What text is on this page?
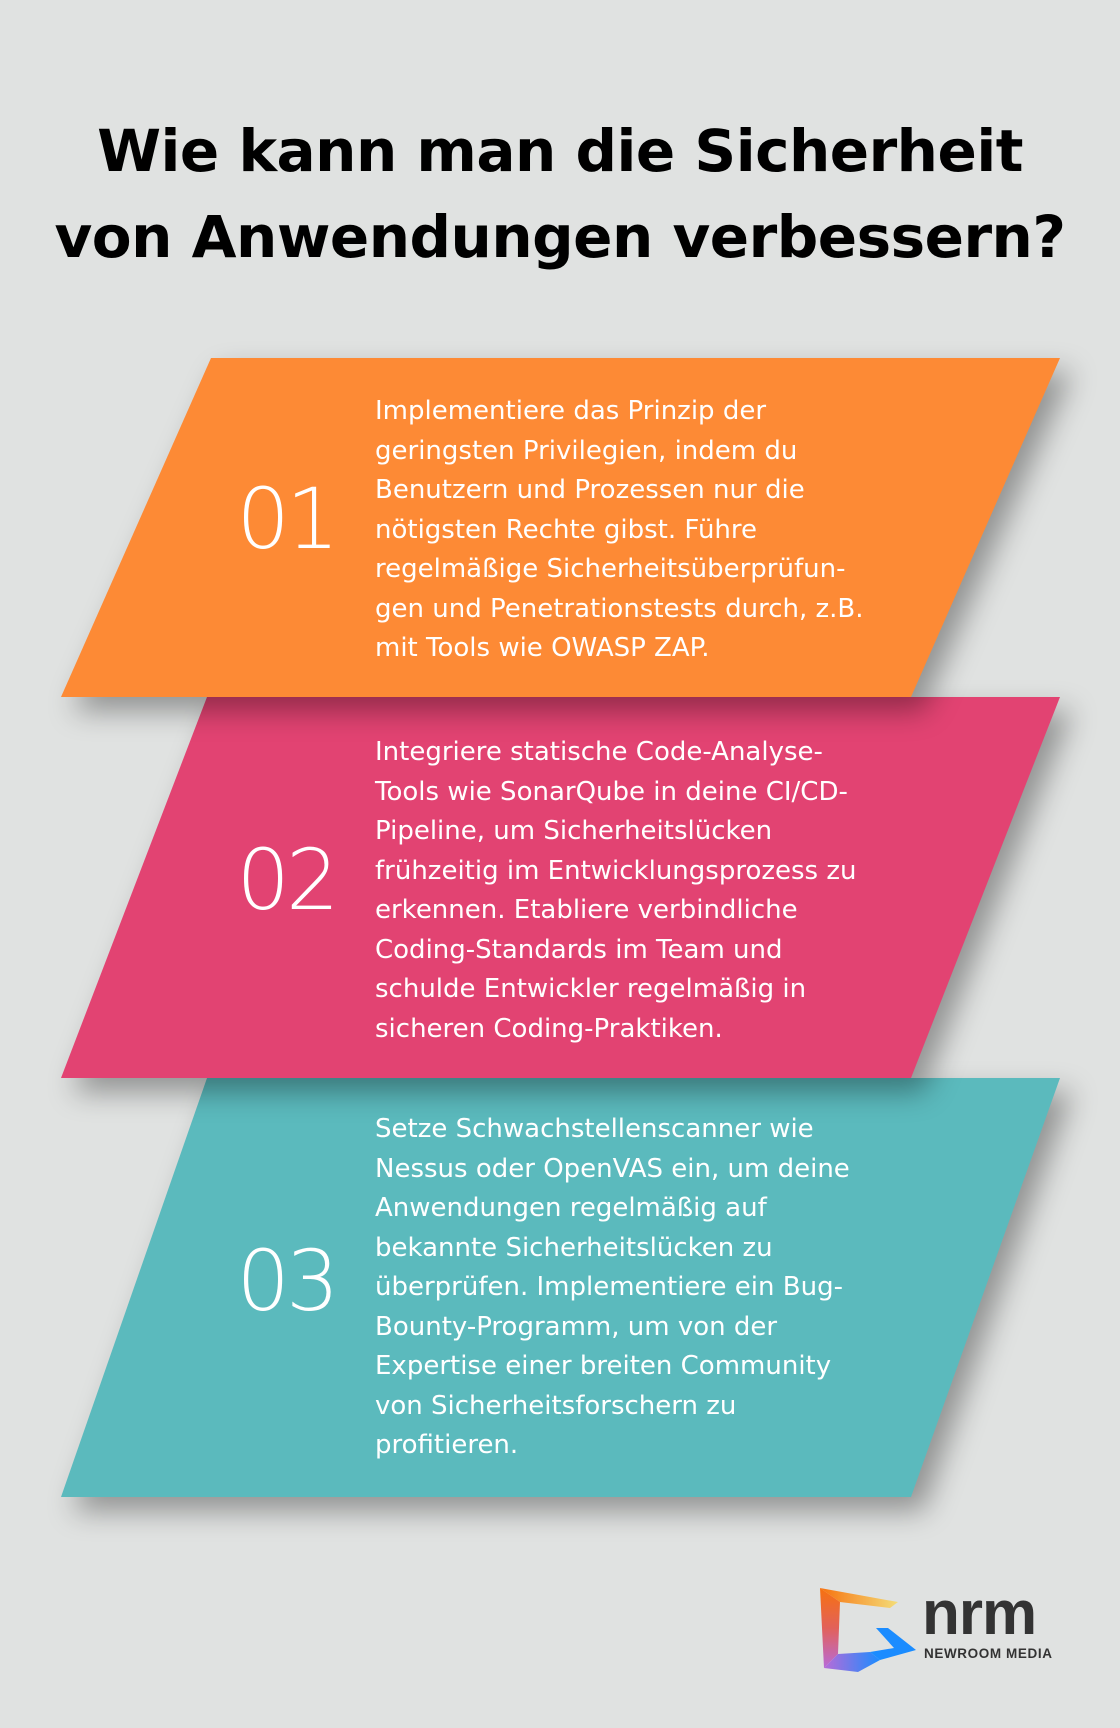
Wie kann man die Sicherheit
von Anwendungen verbessern?
03
Setze Schwachstellenscanner wie
Nessus oder OpenVAS ein, um deine
Anwendungen regelmäßig auf
bekannte Sicherheitslücken zu
überprüfen. Implementiere ein Bug-
Bounty-Programm, um von der
Expertise einer breiten Community
von Sicherheitsforschern zu
profitieren.
02
Integriere statische Code-Analyse-
Tools wie SonarQube in deine CI/CD-
Pipeline, um Sicherheitslücken
frühzeitig im Entwicklungsprozess zu
erkennen. Etabliere verbindliche
Coding-Standards im Team und
schulde Entwickler regelmäßig in
sicheren Coding-Praktiken.
01
Implementiere das Prinzip der
geringsten Privilegien, indem du
Benutzern und Prozessen nur die
nötigsten Rechte gibst. Führe
regelmäßige Sicherheitsüberprüfun-
gen und Penetrationstests durch, z.B.
mit Tools wie OWASP ZAP.
nrm
NEWROOM MEDIA
